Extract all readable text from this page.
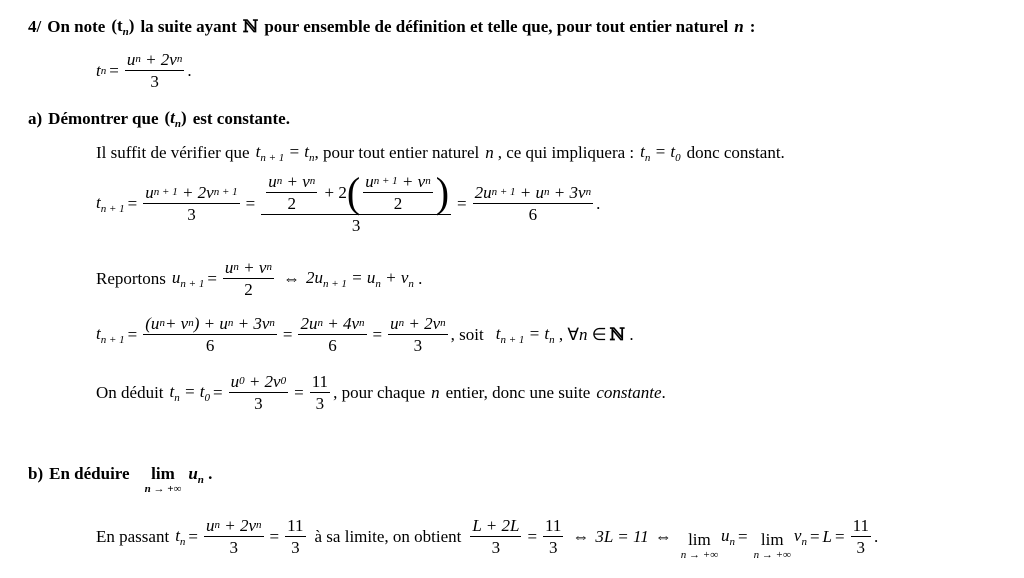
4/ On note $(t_n)$ la suite ayant ℕ pour ensemble de définition et telle que, pour tout entier naturel n :
t $n = \frac{\text{u n + 2v n}}{3}$ .
a) Démontrer que $(t_n)$ est constante.
Il suffit de vérifier que $t_{n + 1} = t_n$ , pour tout entier naturel n , ce qui impliquera : $t_n = t_0$ donc constant.
$t_{n + 1} = \frac{\text{u n + 1 + 2v n + 1}}{3} = \frac{\text{u n + v n}}{2} + 2$ ( $\frac{\text{u n + 1 + v n}}{2}$ )
3
= $\frac{\text{2u n + 1 + u n + 3v n}}{6}$ .
Reportons $u_{n + 1} = \frac{\text{u n + v n}}{2}$ ⇔ $2u_{n + 1} = u_n + v_n$ .
$t_{n + 1} = \frac{\text{(u n + v n ) + u n + 3v n}}{6} = \frac{\text{2u n + 4v n}}{6} = \frac{\text{u n + 2v n}}{3}$ , soit $t_{n + 1} = t_n$ , ∀n ∈ ℕ .
On déduit $t_n = t_0 = \frac{u 0 + 2v 0}{3} = \frac{11}{3}$ , pour chaque n entier, donc une suite constante .
b) En déduire lim
n → +∞
$u_n$ .
En passant $t_n = \frac{\text{u n + 2v n}}{3} = \frac{11}{3}$ à sa limite, on obtient $\frac{L + 2L}{3} = \frac{11}{3}$ ⇔ 3L = 11 ⇔ lim
n → +∞
$u_n = \lim$
n → +∞
$v_n = L = \frac{11}{3}$ .
